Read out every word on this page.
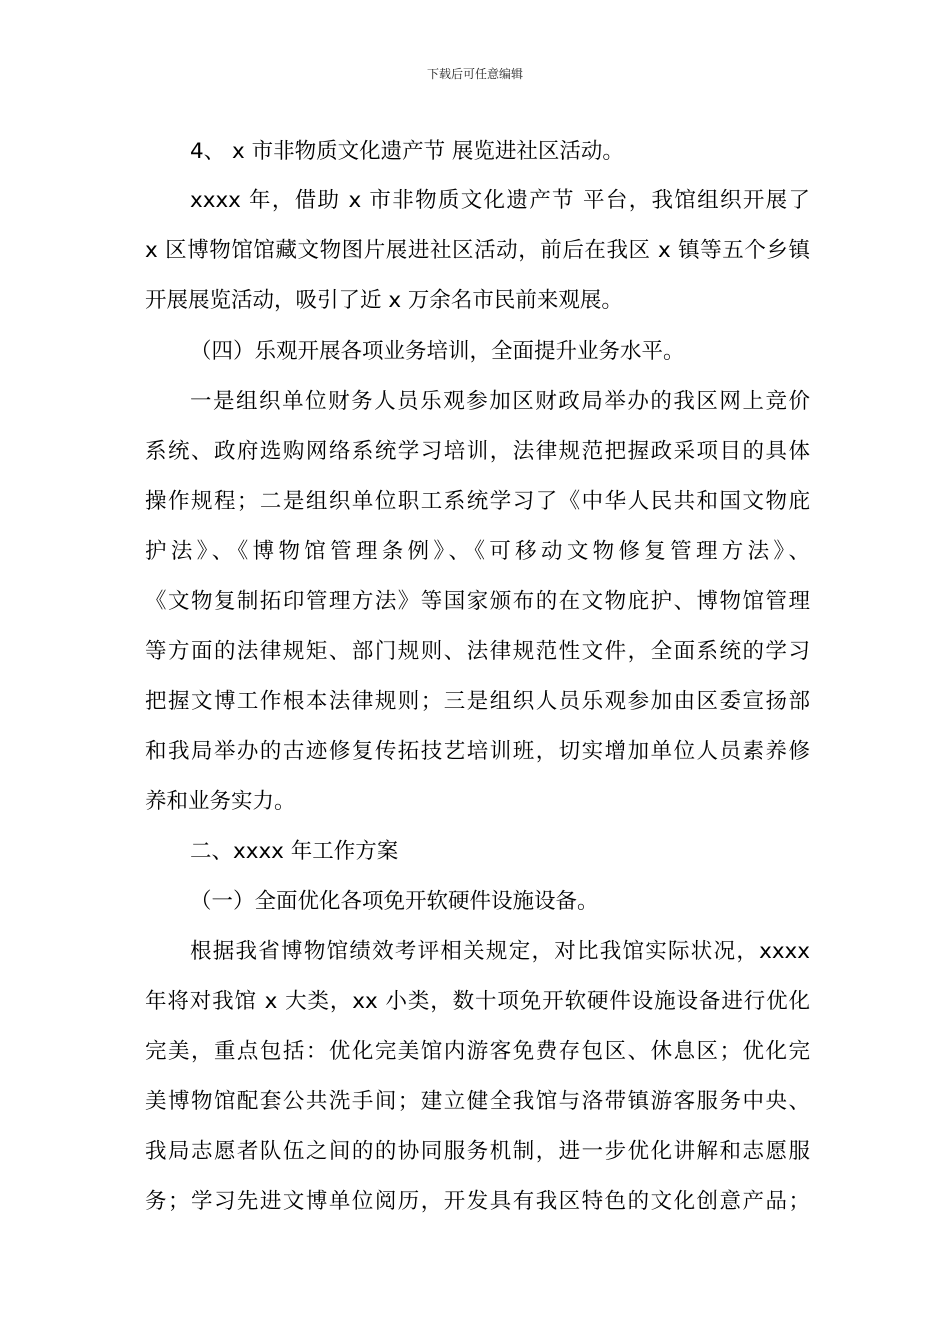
下载后可任意编辑
4、 x 市非物质文化遗产节 展览进社区活动。
xxxx 年，借助 x 市非物质文化遗产节 平台，我馆组织开展了
x 区博物馆馆藏文物图片展进社区活动，前后在我区 x 镇等五个乡镇
开展展览活动，吸引了近 x 万余名市民前来观展。
（四）乐观开展各项业务培训，全面提升业务水平。
一是组织单位财务人员乐观参加区财政局举办的我区网上竞价
系统、政府选购网络系统学习培训，法律规范把握政采项目的具体
操作规程；二是组织单位职工系统学习了《中华人民共和国文物庇
护法》、《博物馆管理条例》、《可移动文物修复管理方法》、
《文物复制拓印管理方法》等国家颁布的在文物庇护、博物馆管理
等方面的法律规矩、部门规则、法律规范性文件，全面系统的学习
把握文博工作根本法律规则；三是组织人员乐观参加由区委宣扬部
和我局举办的古迹修复传拓技艺培训班，切实增加单位人员素养修
养和业务实力。
二、xxxx 年工作方案
（一）全面优化各项免开软硬件设施设备。
根据我省博物馆绩效考评相关规定，对比我馆实际状况，xxxx
年将对我馆 x 大类，xx 小类，数十项免开软硬件设施设备进行优化
完美，重点包括：优化完美馆内游客免费存包区、休息区；优化完
美博物馆配套公共洗手间；建立健全我馆与洛带镇游客服务中央、
我局志愿者队伍之间的的协同服务机制，进一步优化讲解和志愿服
务；学习先进文博单位阅历，开发具有我区特色的文化创意产品；
